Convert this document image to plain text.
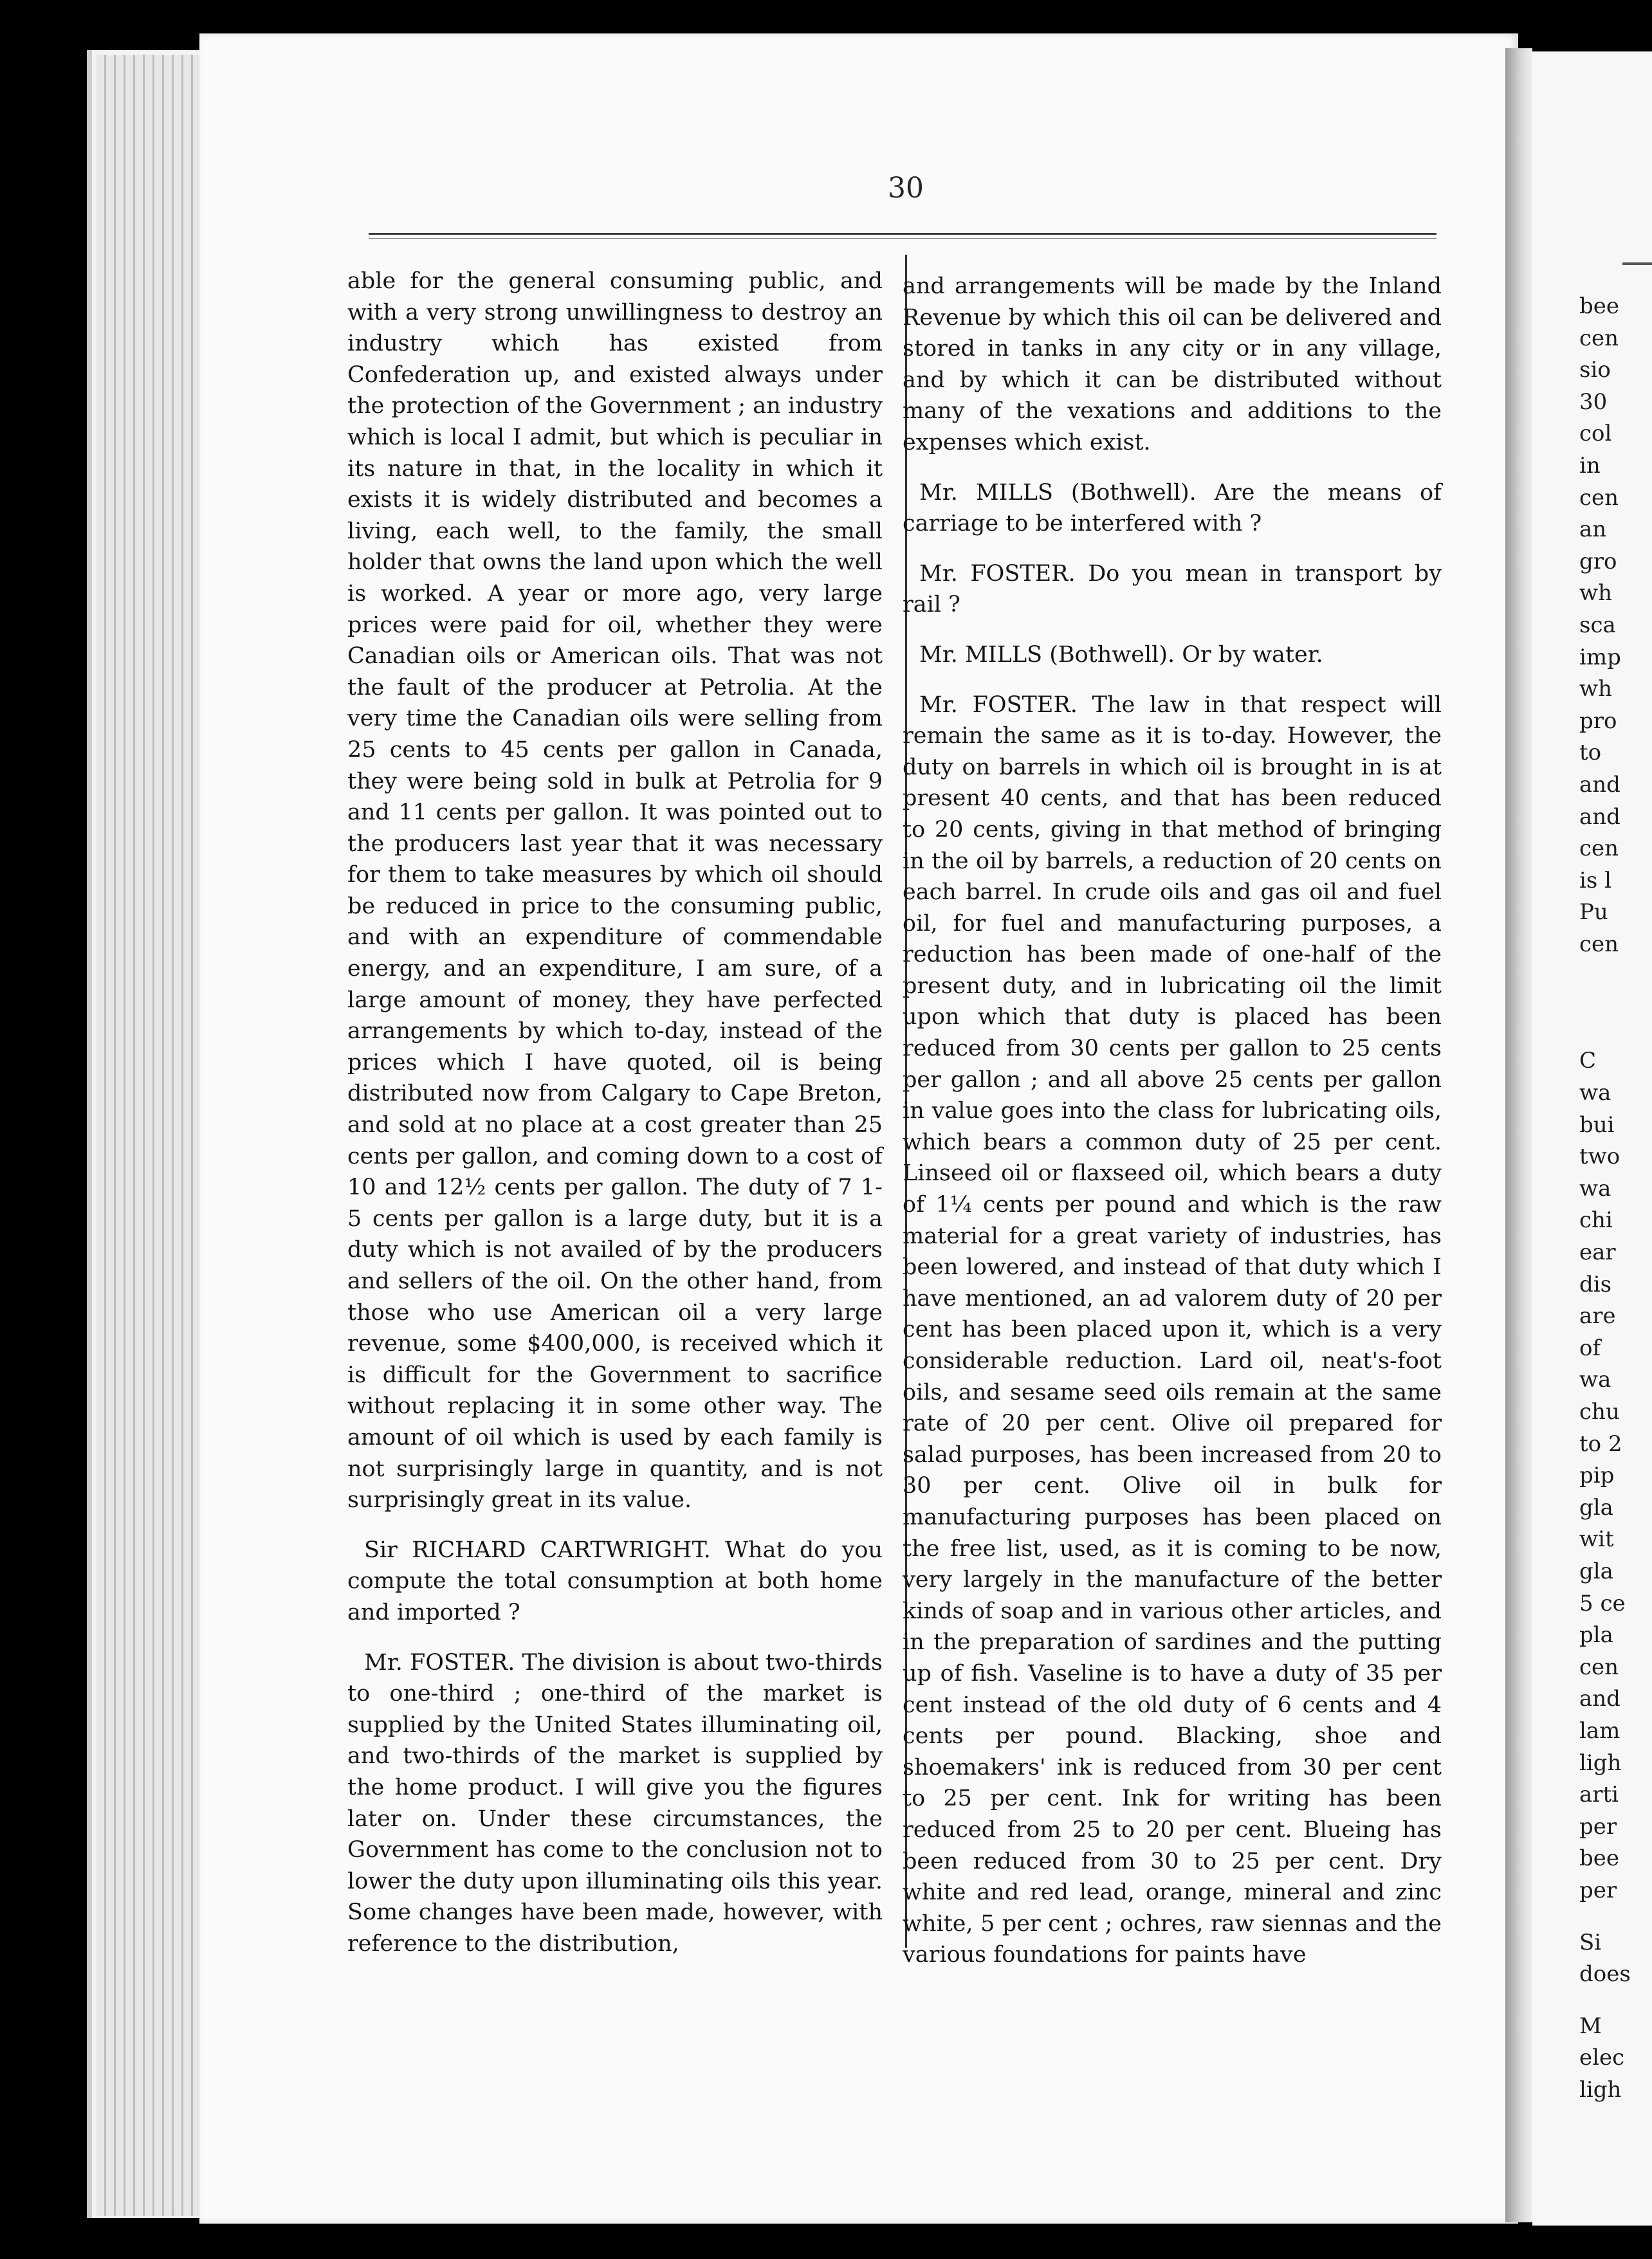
bee
cen
sio
30
col
in
cen
an
gro
wh
sca
imp
wh
pro
to
and
and
cen
is l
Pu
cen
C
wa
bui
two
wa
chi
ear
dis
are
of
wa
chu
to 2
pip
gla
wit
gla
5 ce
pla
cen
and
lam
ligh
arti
per
bee
per
Si
does
M
elec
ligh
30

able for the general consuming public, and with a very strong unwillingness to destroy an industry which has existed from Confederation up, and existed always under the protection of the Government ; an industry which is local I admit, but which is peculiar in its nature in that, in the locality in which it exists it is widely distributed and becomes a living, each well, to the family, the small holder that owns the land upon which the well is worked. A year or more ago, very large prices were paid for oil, whether they were Canadian oils or American oils. That was not the fault of the producer at Petrolia. At the very time the Canadian oils were selling from 25 cents to 45 cents per gallon in Canada, they were being sold in bulk at Petrolia for 9 and 11 cents per gallon. It was pointed out to the producers last year that it was necessary for them to take measures by which oil should be reduced in price to the consuming public, and with an expenditure of commendable energy, and an expenditure, I am sure, of a large amount of money, they have perfected arrangements by which to-day, instead of the prices which I have quoted, oil is being distributed now from Calgary to Cape Breton, and sold at no place at a cost greater than 25 cents per gallon, and coming down to a cost of 10 and 12½ cents per gallon. The duty of 7 1-5 cents per gallon is a large duty, but it is a duty which is not availed of by the producers and sellers of the oil. On the other hand, from those who use American oil a very large revenue, some $400,000, is received which it is difficult for the Government to sacrifice without replacing it in some other way. The amount of oil which is used by each family is not surprisingly large in quantity, and is not surprisingly great in its value.

Sir RICHARD CARTWRIGHT. What do you compute the total consumption at both home and imported ?

Mr. FOSTER. The division is about two-thirds to one-third ; one-third of the market is supplied by the United States illuminating oil, and two-thirds of the market is supplied by the home product. I will give you the figures later on. Under these circumstances, the Government has come to the conclusion not to lower the duty upon illuminating oils this year. Some changes have been made, however, with reference to the distribution,

and arrangements will be made by the Inland Revenue by which this oil can be delivered and stored in tanks in any city or in any village, and by which it can be distributed without many of the vexations and additions to the expenses which exist.

Mr. MILLS (Bothwell). Are the means of carriage to be interfered with ?

Mr. FOSTER. Do you mean in transport by rail ?

Mr. MILLS (Bothwell). Or by water.

Mr. FOSTER. The law in that respect will remain the same as it is to-day. However, the duty on barrels in which oil is brought in is at present 40 cents, and that has been reduced to 20 cents, giving in that method of bringing in the oil by barrels, a reduction of 20 cents on each barrel. In crude oils and gas oil and fuel oil, for fuel and manufacturing purposes, a reduction has been made of one-half of the present duty, and in lubricating oil the limit upon which that duty is placed has been reduced from 30 cents per gallon to 25 cents per gallon ; and all above 25 cents per gallon in value goes into the class for lubricating oils, which bears a common duty of 25 per cent. Linseed oil or flaxseed oil, which bears a duty of 1¼ cents per pound and which is the raw material for a great variety of industries, has been lowered, and instead of that duty which I have mentioned, an ad valorem duty of 20 per cent has been placed upon it, which is a very considerable reduction. Lard oil, neat's-foot oils, and sesame seed oils remain at the same rate of 20 per cent. Olive oil prepared for salad purposes, has been increased from 20 to 30 per cent. Olive oil in bulk for manufacturing purposes has been placed on the free list, used, as it is coming to be now, very largely in the manufacture of the better kinds of soap and in various other articles, and in the preparation of sardines and the putting up of fish. Vaseline is to have a duty of 35 per cent instead of the old duty of 6 cents and 4 cents per pound. Blacking, shoe and shoemakers' ink is reduced from 30 per cent to 25 per cent. Ink for writing has been reduced from 25 to 20 per cent. Blueing has been reduced from 30 to 25 per cent. Dry white and red lead, orange, mineral and zinc white, 5 per cent ; ochres, raw siennas and the various foundations for paints have
